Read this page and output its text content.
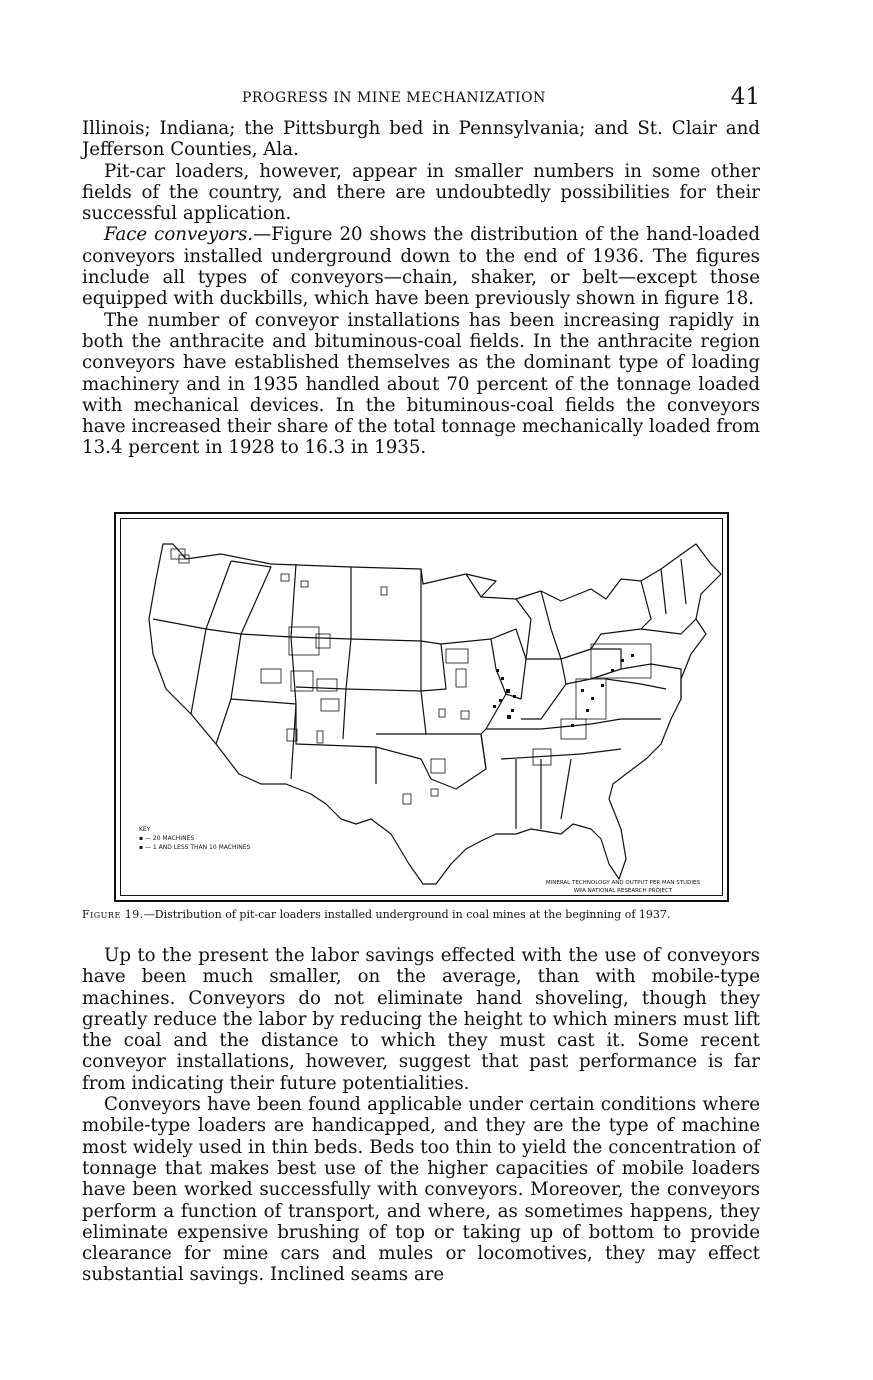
PROGRESS IN MINE MECHANIZATION	41

Illinois; Indiana; the Pittsburgh bed in Pennsylvania; and St. Clair and Jefferson Counties, Ala.

Pit-car loaders, however, appear in smaller numbers in some other fields of the country, and there are undoubtedly possibilities for their successful application.

Face conveyors.—Figure 20 shows the distribution of the hand-loaded conveyors installed underground down to the end of 1936. The figures include all types of conveyors—chain, shaker, or belt—except those equipped with duckbills, which have been previously shown in figure 18.

The number of conveyor installations has been increasing rapidly in both the anthracite and bituminous-coal fields. In the anthracite region conveyors have established themselves as the dominant type of loading machinery and in 1935 handled about 70 percent of the tonnage loaded with mechanical devices. In the bituminous-coal fields the conveyors have increased their share of the total tonnage mechanically loaded from 13.4 percent in 1928 to 16.3 in 1935.

KEY
▪ — 20 MACHINES
▪ — 1 AND LESS THAN 10 MACHINES
MINERAL TECHNOLOGY AND OUTPUT PER MAN STUDIES
WPA NATIONAL RESEARCH PROJECT
Figure 19.—Distribution of pit-car loaders installed underground in coal mines at the beginning of 1937.

Up to the present the labor savings effected with the use of conveyors have been much smaller, on the average, than with mobile-type machines. Conveyors do not eliminate hand shoveling, though they greatly reduce the labor by reducing the height to which miners must lift the coal and the distance to which they must cast it. Some recent conveyor installations, however, suggest that past performance is far from indicating their future potentialities.

Conveyors have been found applicable under certain conditions where mobile-type loaders are handicapped, and they are the type of machine most widely used in thin beds. Beds too thin to yield the concentration of tonnage that makes best use of the higher capacities of mobile loaders have been worked successfully with conveyors. Moreover, the conveyors perform a function of transport, and where, as sometimes happens, they eliminate expensive brushing of top or taking up of bottom to provide clearance for mine cars and mules or locomotives, they may effect substantial savings. Inclined seams are
